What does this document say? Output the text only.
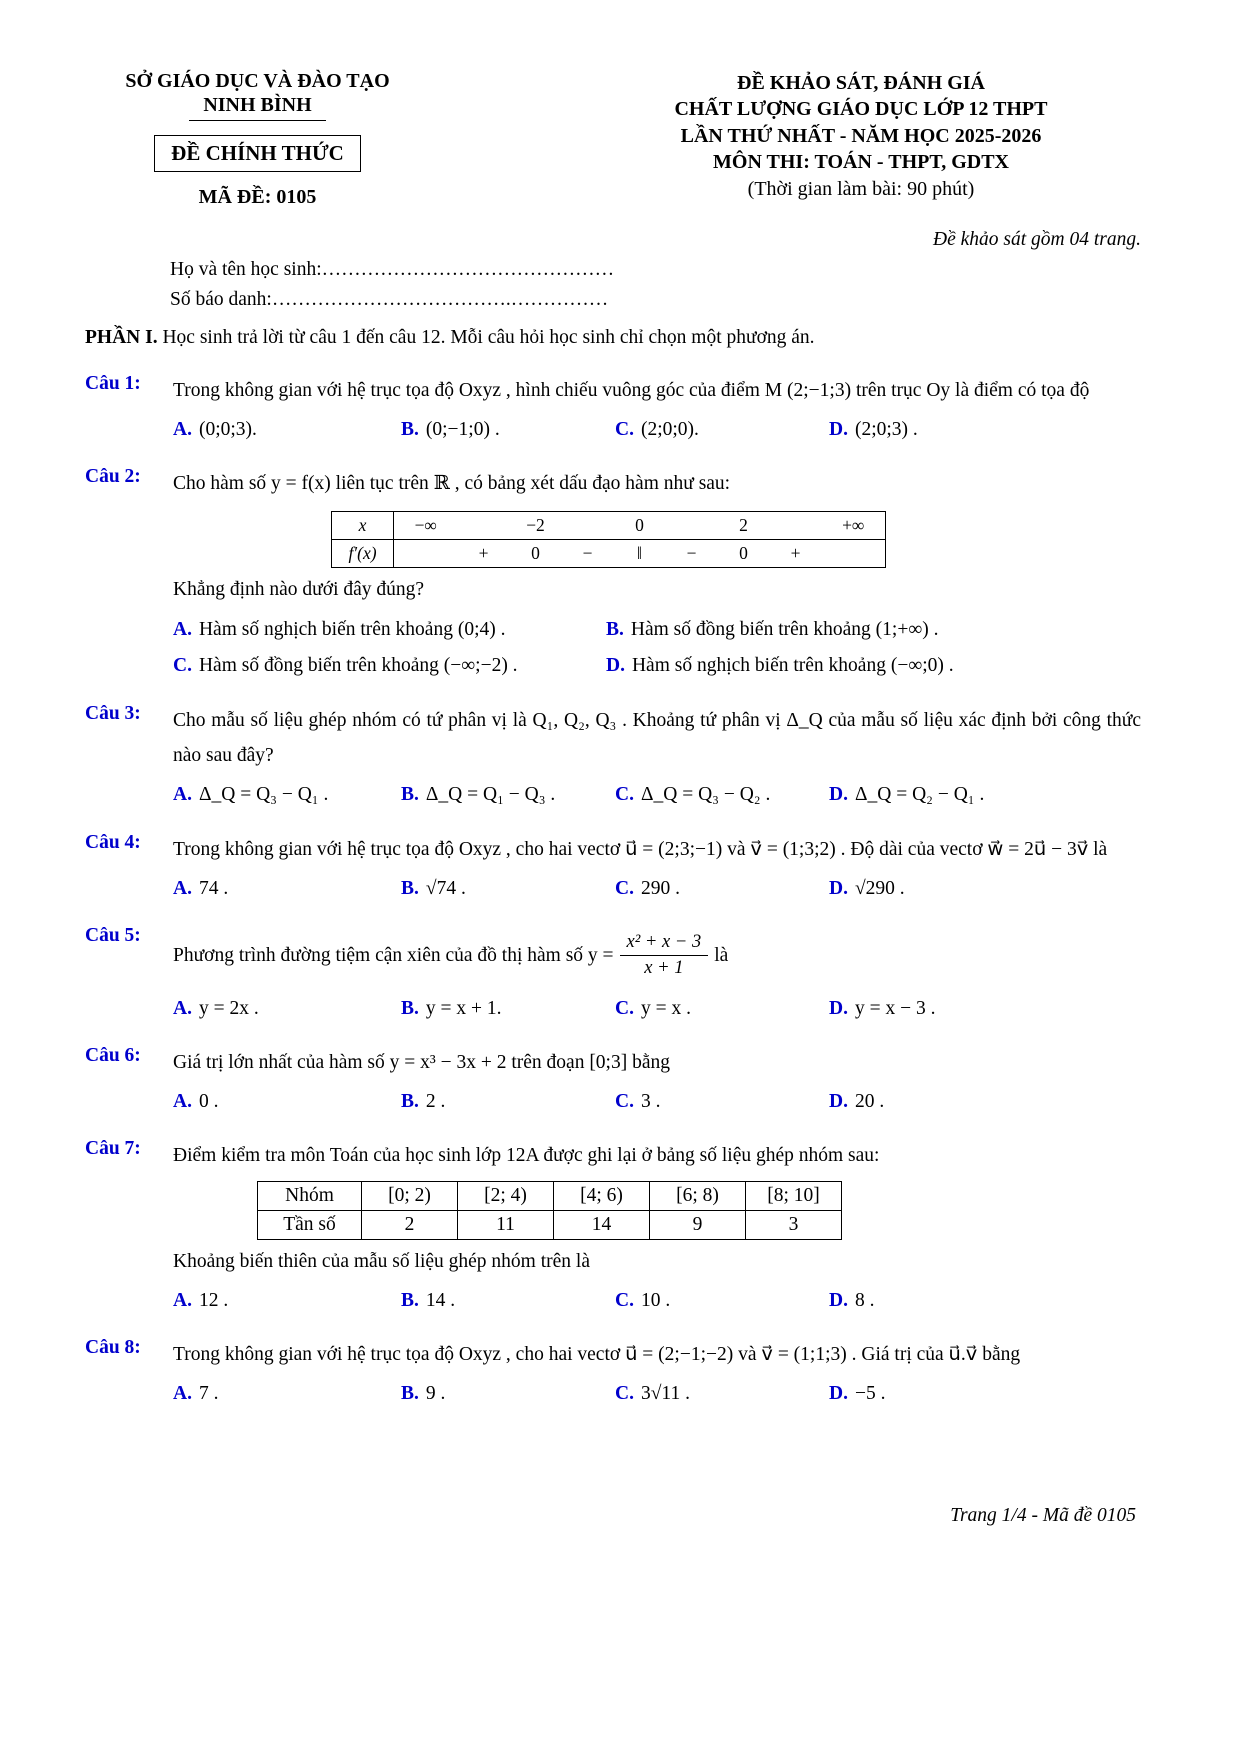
SỞ GIÁO DỤC VÀ ĐÀO TẠO
NINH BÌNH
ĐỀ CHÍNH THỨC
MÃ ĐỀ: 0105
ĐỀ KHẢO SÁT, ĐÁNH GIÁ
CHẤT LƯỢNG GIÁO DỤC LỚP 12 THPT
LẦN THỨ NHẤT - NĂM HỌC 2025-2026
MÔN THI: TOÁN - THPT, GDTX
(Thời gian làm bài: 90 phút)
Đề khảo sát gồm 04 trang.
Họ và tên học sinh:………………………………………
Số báo danh:……………………………….……………
PHẦN I. Học sinh trả lời từ câu 1 đến câu 12. Mỗi câu hỏi học sinh chỉ chọn một phương án.
Câu 1:	Trong không gian với hệ trục tọa độ Oxyz , hình chiếu vuông góc của điểm M (2;−1;3) trên trục Oy là điểm có tọa độ
A. (0;0;3).	B. (0;−1;0) .	C. (2;0;0).	D. (2;0;3) .
Câu 2:	Cho hàm số y = f(x) liên tục trên ℝ , có bảng xét dấu đạo hàm như sau:
x	−∞		−2		0		2		+∞
f′(x)		+	0	−	‖	−	0	+	
Khẳng định nào dưới đây đúng?
A. Hàm số nghịch biến trên khoảng (0;4) .	B. Hàm số đồng biến trên khoảng (1;+∞) .
C. Hàm số đồng biến trên khoảng (−∞;−2) .	D. Hàm số nghịch biến trên khoảng (−∞;0) .
Câu 3:	Cho mẫu số liệu ghép nhóm có tứ phân vị là Q₁, Q₂, Q₃ . Khoảng tứ phân vị Δ_Q của mẫu số liệu xác định bởi công thức nào sau đây?
A. Δ_Q = Q₃ − Q₁ .	B. Δ_Q = Q₁ − Q₃ .	C. Δ_Q = Q₃ − Q₂ .	D. Δ_Q = Q₂ − Q₁ .
Câu 4:	Trong không gian với hệ trục tọa độ Oxyz , cho hai vectơ u⃗ = (2;3;−1) và v⃗ = (1;3;2) . Độ dài của vectơ w⃗ = 2u⃗ − 3v⃗ là
A. 74 .	B. √74 .	C. 290 .	D. √290 .
Câu 5:
Phương trình đường tiệm cận xiên của đồ thị hàm số $y = \frac{\text{x² + x − 3}}{x + 1}$ là
A. y = 2x .	B. y = x + 1.	C. y = x .	D. y = x − 3 .
Câu 6:	Giá trị lớn nhất của hàm số y = x³ − 3x + 2 trên đoạn [0;3] bằng
A. 0 .	B. 2 .	C. 3 .	D. 20 .
Câu 7:	Điểm kiểm tra môn Toán của học sinh lớp 12A được ghi lại ở bảng số liệu ghép nhóm sau:
Nhóm	[0; 2)	[2; 4)	[4; 6)	[6; 8)	[8; 10]
Tần số	2	11	14	9	3
Khoảng biến thiên của mẫu số liệu ghép nhóm trên là
A. 12 .	B. 14 .	C. 10 .	D. 8 .
Câu 8:	Trong không gian với hệ trục tọa độ Oxyz , cho hai vectơ u⃗ = (2;−1;−2) và v⃗ = (1;1;3) . Giá trị của u⃗.v⃗ bằng
A. 7 .	B. 9 .	C. 3√11 .	D. −5 .
Trang 1/4 - Mã đề 0105
